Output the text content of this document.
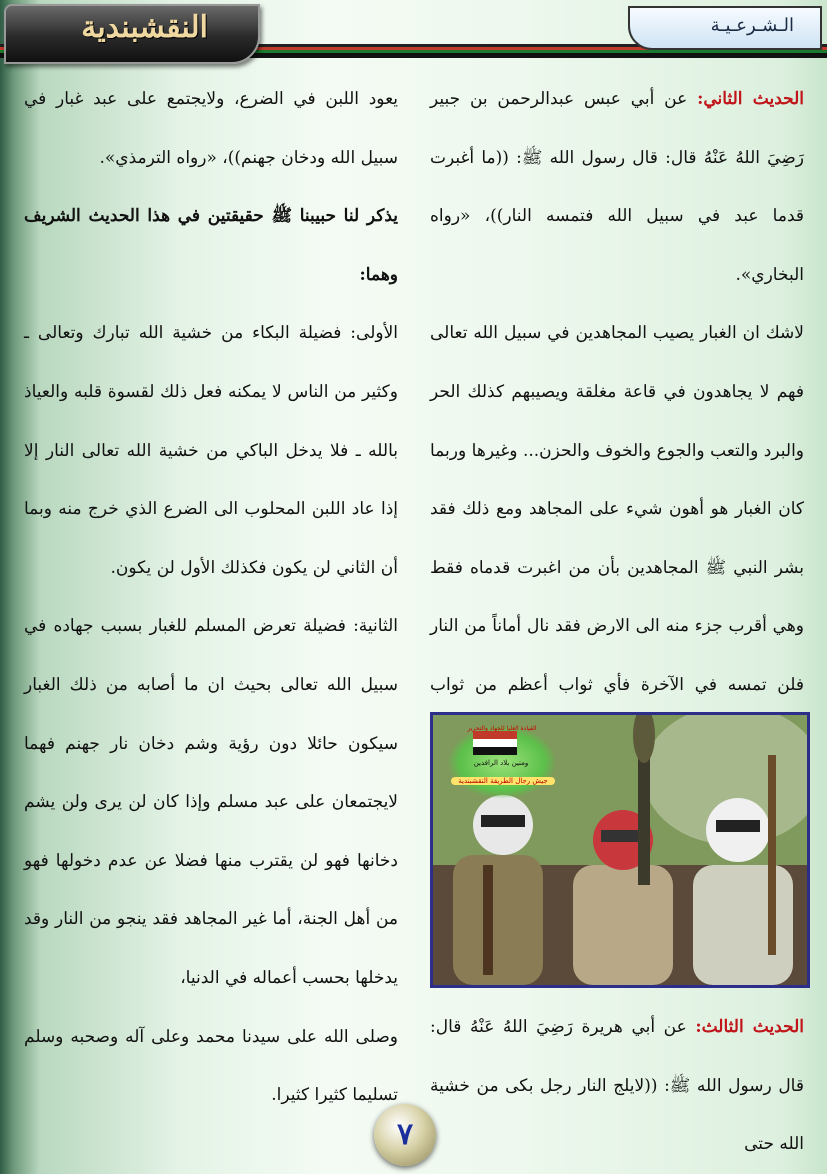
النقشبندية	الـشـرعـيـة

الحديث الثاني: عن أبي عبس عبدالرحمن بن جبير رَضِيَ اللهُ عَنْهُ قال: قال رسول الله ﷺ: ((ما أغبرت قدما عبد في سبيل الله فتمسه النار))، «رواه البخاري».

لاشك ان الغبار يصيب المجاهدين في سبيل الله تعالى فهم لا يجاهدون في قاعة مغلقة ويصيبهم كذلك الحر والبرد والتعب والجوع والخوف والحزن... وغيرها وربما كان الغبار هو أهون شيء على المجاهد ومع ذلك فقد بشر النبي ﷺ المجاهدين بأن من اغبرت قدماه فقط وهي أقرب جزء منه الى الارض فقد نال أماناً من النار فلن تمسه في الآخرة فأي ثواب أعظم من ثواب

القيادة العليا للجهاد والتحرير
ومنين بلاد الرافدين
جيش رجال الطريقة النقشبندية

الحديث الثالث: عن أبي هريرة رَضِيَ اللهُ عَنْهُ قال: قال رسول الله ﷺ: ((لايلج النار رجل بكى من خشية الله حتى

يعود اللبن في الضرع، ولايجتمع على عبد غبار في سبيل الله ودخان جهنم))، «رواه الترمذي».

يذكر لنا حبيبنا ﷺ حقيقتين في هذا الحديث الشريف وهما:

الأولى: فضيلة البكاء من خشية الله تبارك وتعالى ـ وكثير من الناس لا يمكنه فعل ذلك لقسوة قلبه والعياذ بالله ـ فلا يدخل الباكي من خشية الله تعالى النار إلا إذا عاد اللبن المحلوب الى الضرع الذي خرج منه وبما أن الثاني لن يكون فكذلك الأول لن يكون.

الثانية: فضيلة تعرض المسلم للغبار بسبب جهاده في سبيل الله تعالى بحيث ان ما أصابه من ذلك الغبار سيكون حائلا دون رؤية وشم دخان نار جهنم فهما لايجتمعان على عبد مسلم وإذا كان لن يرى ولن يشم دخانها فهو لن يقترب منها فضلا عن عدم دخولها فهو من أهل الجنة، أما غير المجاهد فقد ينجو من النار وقد يدخلها بحسب أعماله في الدنيا،

وصلى الله على سيدنا محمد وعلى آله وصحبه وسلم تسليما كثيرا كثيرا.

٧
